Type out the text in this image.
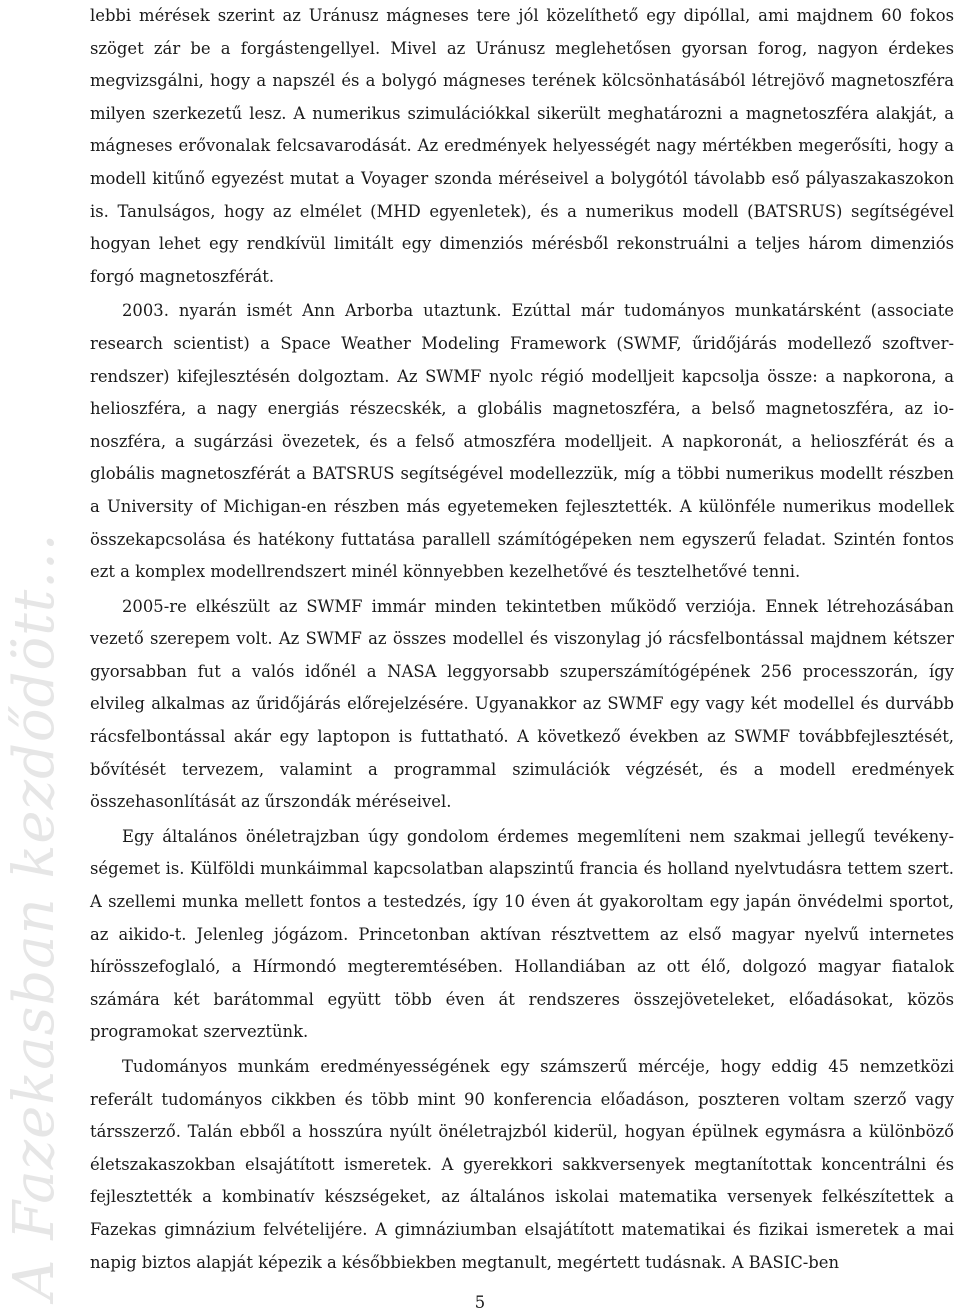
A Fazekasban kezdődött...

lebbi mérések szerint az Uránusz mágneses tere jól közelíthető egy dipóllal, ami majdnem 60 fokos szöget zár be a forgástengellyel. Mivel az Uránusz meglehetősen gyorsan forog, nagyon érdekes megvizsgálni, hogy a napszél és a bolygó mágneses terének kölcsönhatásából létrejövő magnetoszféra milyen szerkezetű lesz. A numerikus szimulációkkal sikerült meghatározni a magnetoszféra alakját, a mágneses erővonalak felcsavarodását. Az eredmények helyességét nagy mértékben megerősíti, hogy a modell kitűnő egyezést mutat a Voyager szonda méréseivel a bolygótól távolabb eső pályaszakaszokon is. Tanulságos, hogy az elmélet (MHD egyenletek), és a numerikus modell (BATSRUS) segítségével hogyan lehet egy rendkívül limitált egy dimenziós mérésből rekonstruálni a teljes három dimenziós forgó magnetoszférát.

2003. nyarán ismét Ann Arborba utaztunk. Ezúttal már tudományos munkatársként (associate research scientist) a Space Weather Modeling Framework (SWMF, űridőjárás modellező szoftverrendszer) kifejlesztésén dolgoztam. Az SWMF nyolc régió modelljeit kapcsolja össze: a napkorona, a helioszféra, a nagy energiás részecskék, a globális magnetoszféra, a belső magnetoszféra, az ionoszféra, a sugárzási övezetek, és a felső atmoszféra modelljeit. A napkoronát, a helioszférát és a globális magnetoszférát a BATSRUS segítségével modellezzük, míg a többi numerikus modellt részben a University of Michigan-en részben más egyetemeken fejlesztették. A különféle numerikus modellek összekapcsolása és hatékony futtatása parallell számítógépeken nem egyszerű feladat. Szintén fontos ezt a komplex modellrendszert minél könnyebben kezelhetővé és tesztelhetővé tenni.

2005-re elkészült az SWMF immár minden tekintetben működő verziója. Ennek létrehozásában vezető szerepem volt. Az SWMF az összes modellel és viszonylag jó rácsfelbontással majdnem kétszer gyorsabban fut a valós időnél a NASA leggyorsabb szuperszámítógépének 256 processzorán, így elvileg alkalmas az űridőjárás előrejelzésére. Ugyanakkor az SWMF egy vagy két modellel és durvább rácsfelbontással akár egy laptopon is futtatható. A következő években az SWMF továbbfejlesztését, bővítését tervezem, valamint a programmal szimulációk végzését, és a modell eredmények összehasonlítását az űrszondák méréseivel.

Egy általános önéletrajzban úgy gondolom érdemes megemlíteni nem szakmai jellegű tevékenységemet is. Külföldi munkáimmal kapcsolatban alapszintű francia és holland nyelvtudásra tettem szert. A szellemi munka mellett fontos a testedzés, így 10 éven át gyakoroltam egy japán önvédelmi sportot, az aikido-t. Jelenleg jógázom. Princetonban aktívan résztvettem az első magyar nyelvű internetes hírösszefoglaló, a Hírmondó megteremtésében. Hollandiában az ott élő, dolgozó magyar fiatalok számára két barátommal együtt több éven át rendszeres összejöveteleket, előadásokat, közös programokat szerveztünk.

Tudományos munkám eredményességének egy számszerű mércéje, hogy eddig 45 nemzetközi referált tudományos cikkben és több mint 90 konferencia előadáson, poszteren voltam szerző vagy társszerző. Talán ebből a hosszúra nyúlt önéletrajzból kiderül, hogyan épülnek egymásra a különböző életszakaszokban elsajátított ismeretek. A gyerekkori sakkversenyek megtanítottak koncentrálni és fejlesztették a kombinatív készségeket, az általános iskolai matematika versenyek felkészítettek a Fazekas gimnázium felvételijére. A gimnáziumban elsajátított matematikai és fizikai ismeretek a mai napig biztos alapját képezik a későbbiekben megtanult, megértett tudásnak. A BASIC-ben

5
